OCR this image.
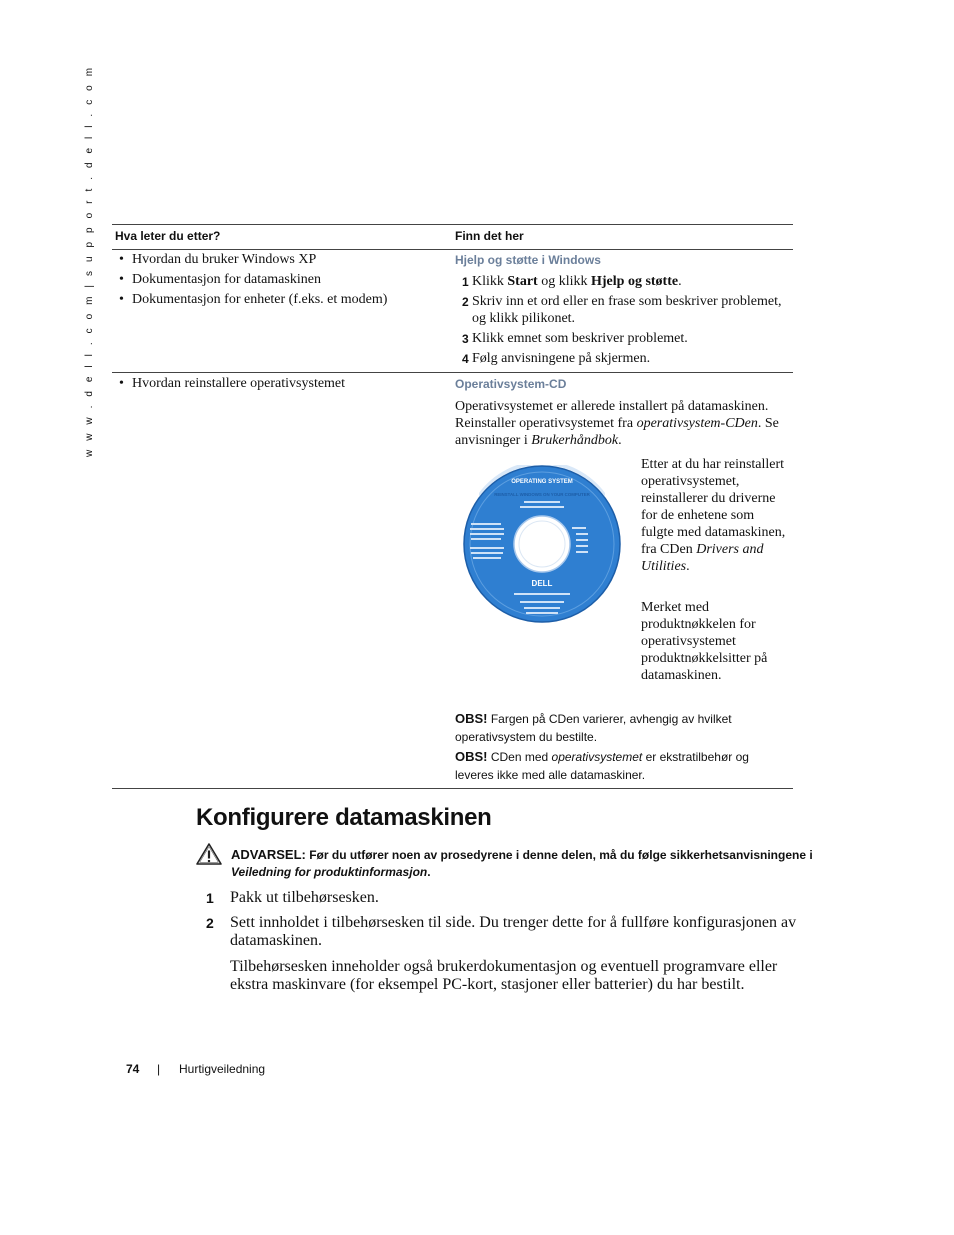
w w w . d e l l . c o m | s u p p o r t . d e l l . c o m Hva leter du etter?	Finn det her
• Hvordan du bruker Windows XP
• Dokumentasjon for datamaskinen
• Dokumentasjon for enheter (f.eks. et modem)
Hjelp og støtte i Windows
1 Klikk Start og klikk Hjelp og støtte.
2 Skriv inn et ord eller en frase som beskriver problemet, og klikk pilikonet.
3 Klikk emnet som beskriver problemet.
4 Følg anvisningene på skjermen.
• Hvordan reinstallere operativsystemet	Operativsystem-CD
Operativsystemet er allerede installert på datamaskinen. Reinstaller operativsystemet fra operativsystem-CDen. Se anvisninger i Brukerhåndbok.
OPERATING SYSTEM
REINSTALL WINDOWS ON YOUR COMPUTER
DELL
Etter at du har reinstallert operativsystemet, reinstallerer du driverne for de enhetene som fulgte med datamaskinen, fra CDen Drivers and Utilities.
Merket med produktnøkkelen for operativsystemet produktnøkkelsitter på datamaskinen.
OBS! Fargen på CDen varierer, avhengig av hvilket operativsystem du bestilte.
OBS! CDen med operativsystemet er ekstratilbehør og leveres ikke med alle datamaskiner.
Konfigurere datamaskinen
ADVARSEL: Før du utfører noen av prosedyrene i denne delen, må du følge sikkerhetsanvisningene i Veiledning for produktinformasjon.
1 Pakk ut tilbehørsesken.
2 Sett innholdet i tilbehørsesken til side. Du trenger dette for å fullføre konfigurasjonen av datamaskinen.
Tilbehørsesken inneholder også brukerdokumentasjon og eventuell programvare eller ekstra maskinvare (for eksempel PC-kort, stasjoner eller batterier) du har bestilt.
74 | Hurtigveiledning
